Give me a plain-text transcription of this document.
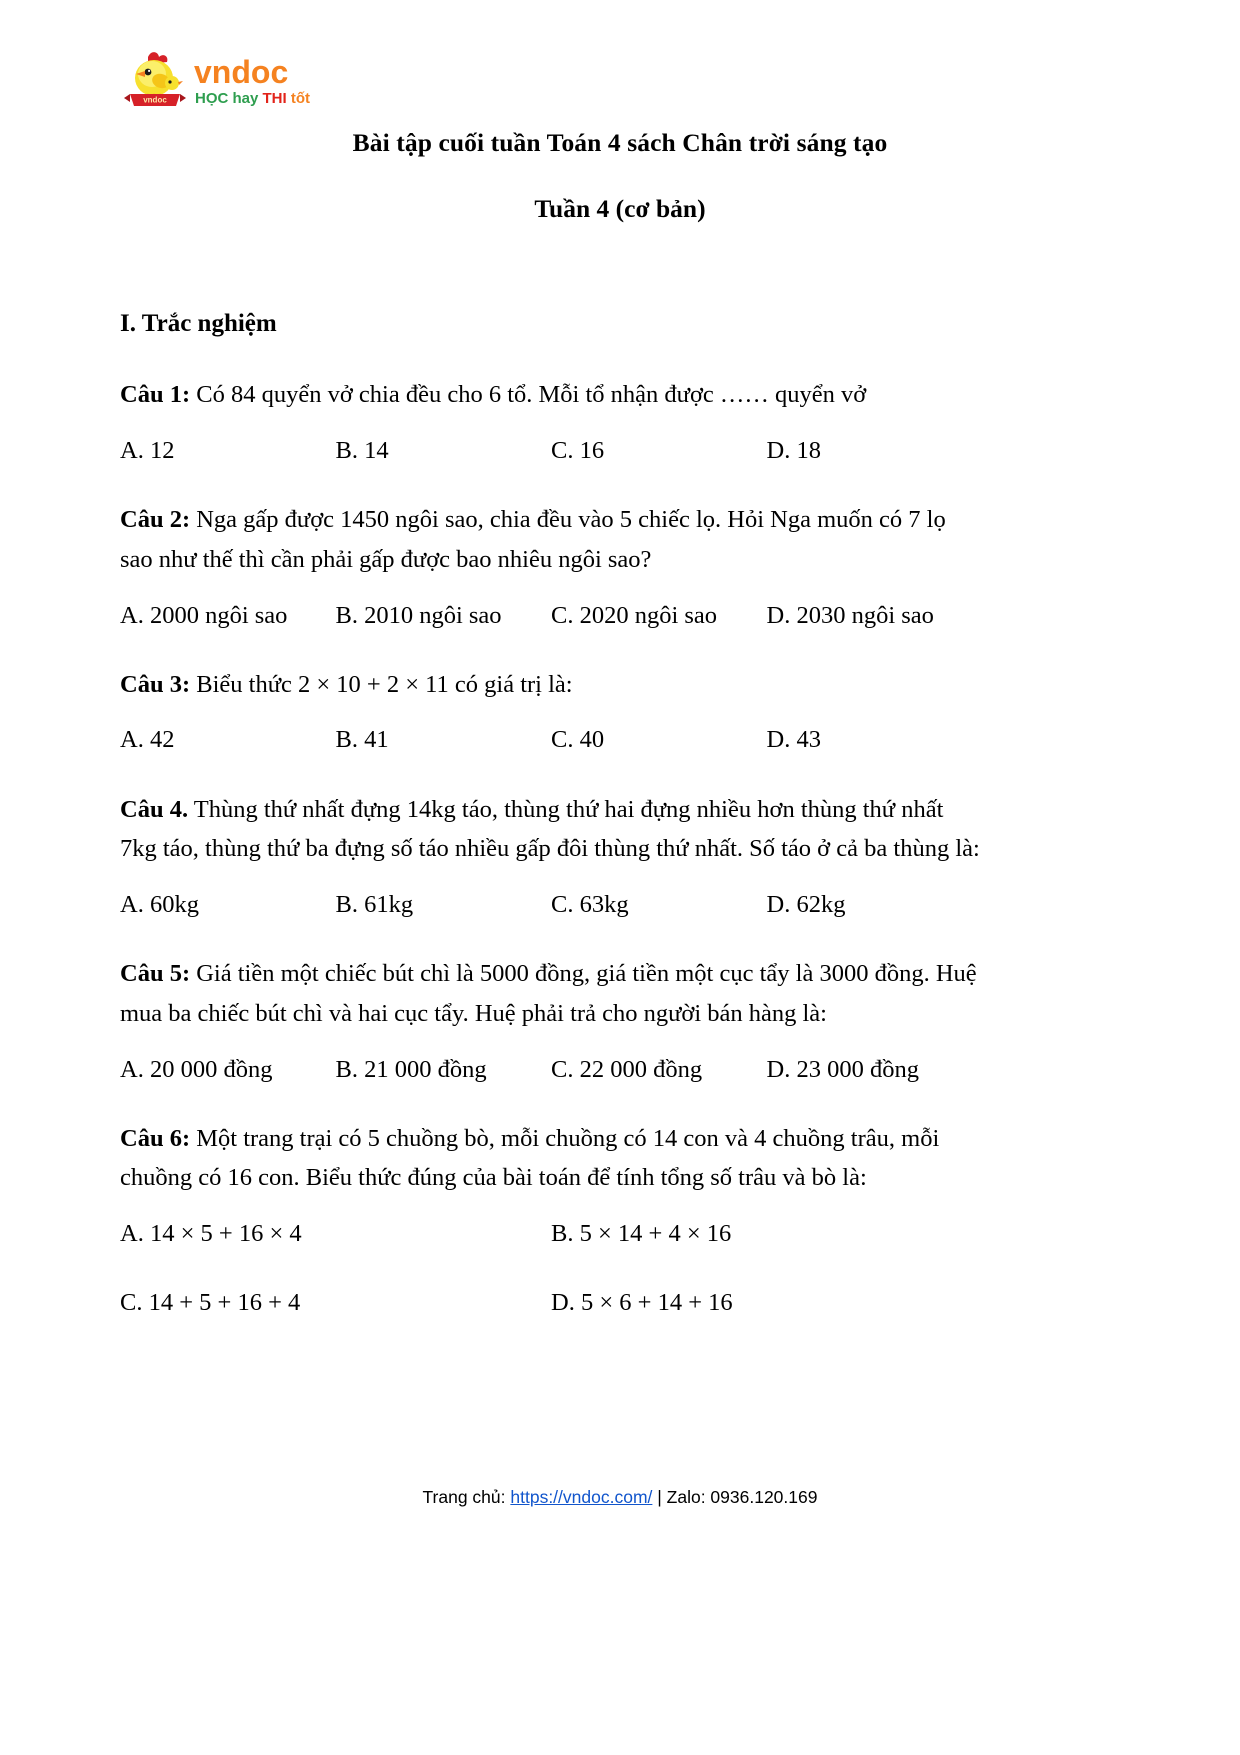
vndoc
vndoc
HỌC hay THI tốt
Bài tập cuối tuần Toán 4 sách Chân trời sáng tạo
Tuần 4 (cơ bản)
I. Trắc nghiệm

Câu 1: Có 84 quyển vở chia đều cho 6 tổ. Mỗi tổ nhận được …… quyển vở

A. 12	B. 14	C. 16	D. 18

Câu 2: Nga gấp được 1450 ngôi sao, chia đều vào 5 chiếc lọ. Hỏi Nga muốn có 7 lọ sao như thế thì cần phải gấp được bao nhiêu ngôi sao?

A. 2000 ngôi sao	B. 2010 ngôi sao	C. 2020 ngôi sao	D. 2030 ngôi sao

Câu 3: Biểu thức 2 × 10 + 2 × 11 có giá trị là:

A. 42	B. 41	C. 40	D. 43

Câu 4. Thùng thứ nhất đựng 14kg táo, thùng thứ hai đựng nhiều hơn thùng thứ nhất 7kg táo, thùng thứ ba đựng số táo nhiều gấp đôi thùng thứ nhất. Số táo ở cả ba thùng là:

A. 60kg	B. 61kg	C. 63kg	D. 62kg

Câu 5: Giá tiền một chiếc bút chì là 5000 đồng, giá tiền một cục tẩy là 3000 đồng. Huệ mua ba chiếc bút chì và hai cục tẩy. Huệ phải trả cho người bán hàng là:

A. 20 000 đồng	B. 21 000 đồng	C. 22 000 đồng	D. 23 000 đồng

Câu 6: Một trang trại có 5 chuồng bò, mỗi chuồng có 14 con và 4 chuồng trâu, mỗi chuồng có 16 con. Biểu thức đúng của bài toán để tính tổng số trâu và bò là:

A. 14 × 5 + 16 × 4	B. 5 × 14 + 4 × 16
C. 14 + 5 + 16 + 4	D. 5 × 6 + 14 + 16
Trang chủ: https://vndoc.com/ | Zalo: 0936.120.169
